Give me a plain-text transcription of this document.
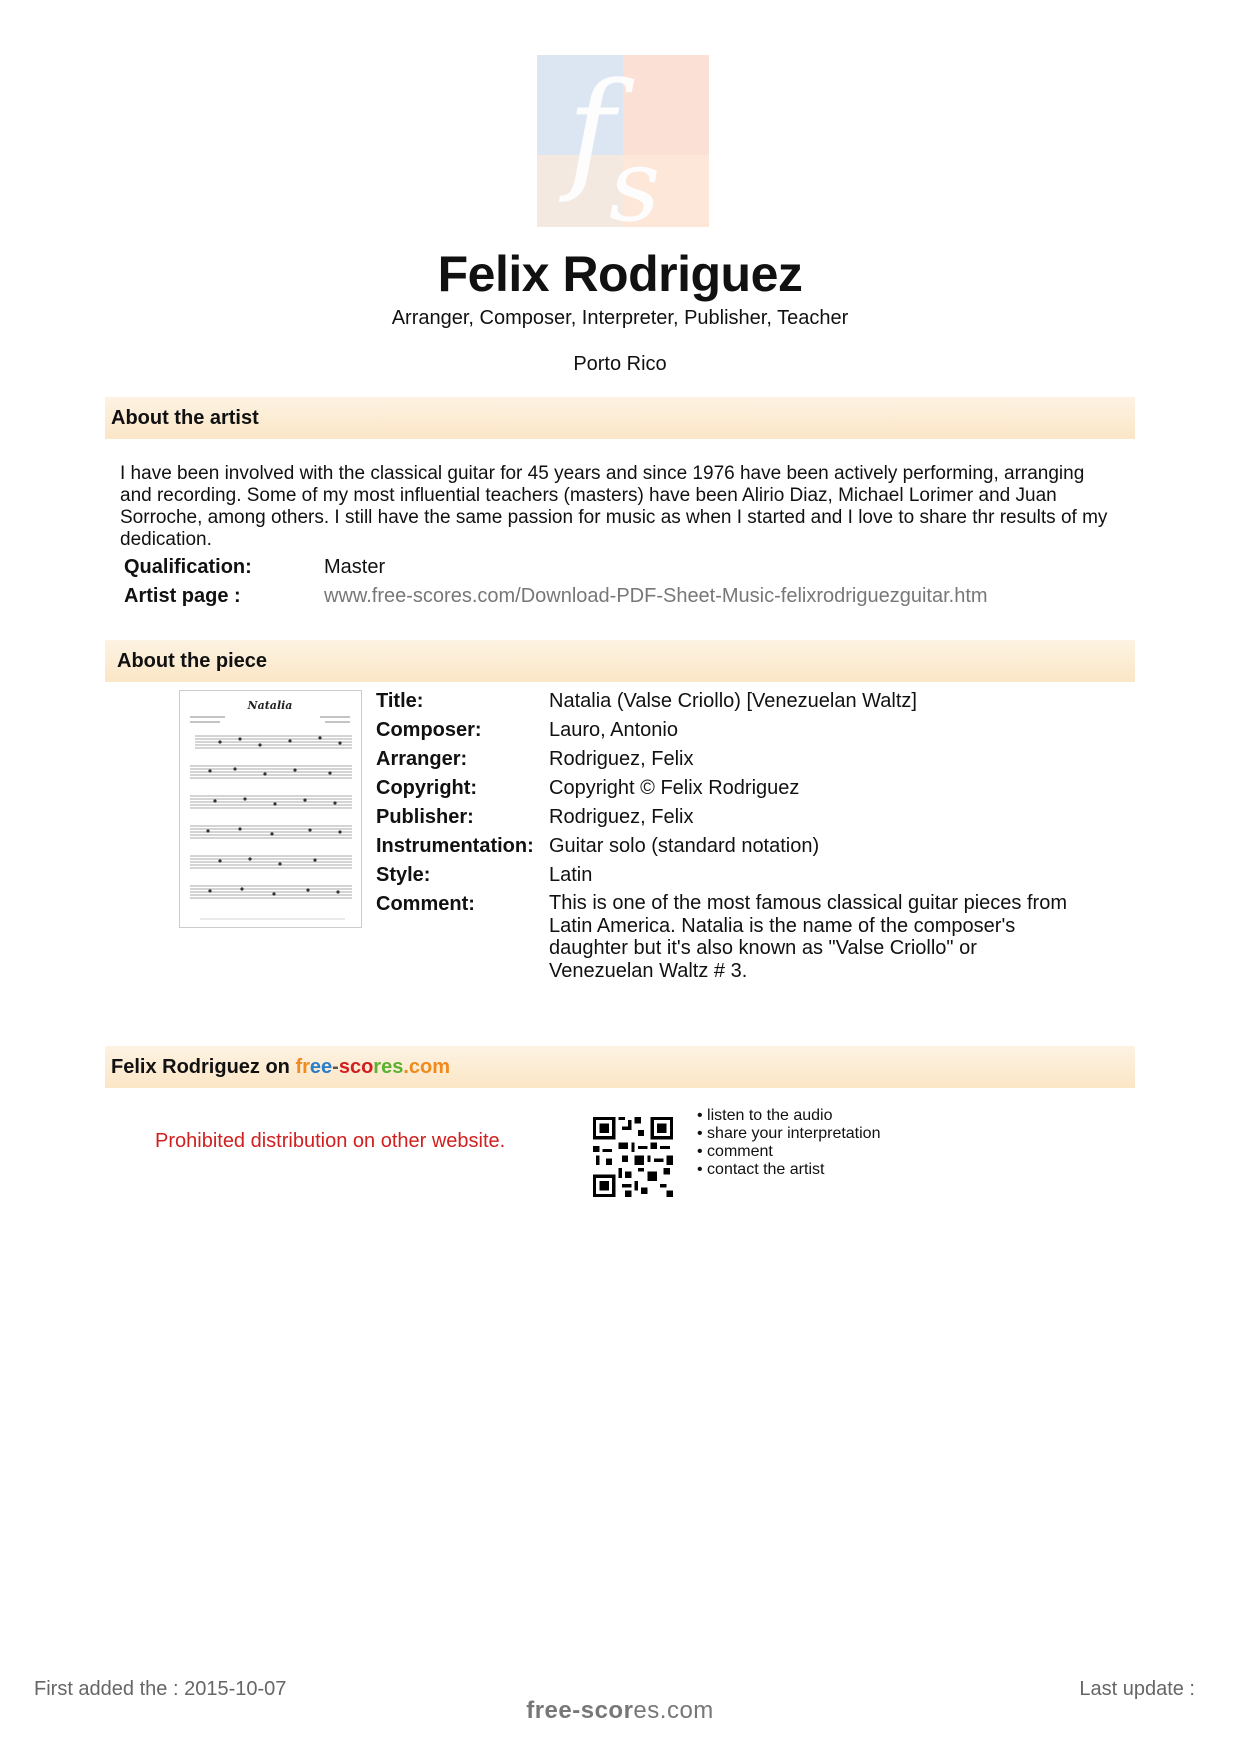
f
s
Felix Rodriguez
Arranger, Composer, Interpreter, Publisher, Teacher
Porto Rico
About the artist
I have been involved with the classical guitar for 45 years and since 1976 have been actively performing, arranging and recording. Some of my most influential teachers (masters) have been Alirio Diaz, Michael Lorimer and Juan Sorroche, among others. I still have the same passion for music as when I started and I love to share thr results of my dedication.
Qualification:	Master
Artist page :	www.free-scores.com/Download-PDF-Sheet-Music-felixrodriguezguitar.htm
About the piece
Natalia	Title:	Natalia (Valse Criollo) [Venezuelan Waltz]
Composer:	Lauro, Antonio
Arranger:	Rodriguez, Felix
Copyright:	Copyright © Felix Rodriguez
Publisher:	Rodriguez, Felix
Instrumentation: Guitar solo (standard notation)
Style:	Latin
Comment:	This is one of the most famous classical guitar pieces from Latin America. Natalia is the name of the composer's daughter but it's also known as "Valse Criollo" or Venezuelan Waltz # 3.
Felix Rodriguez on free-scores.com
Prohibited distribution on other website.
• listen to the audio
• share your interpretation
• comment
• contact the artist
First added the : 2015-10-07	Last update :
free-scores.com
